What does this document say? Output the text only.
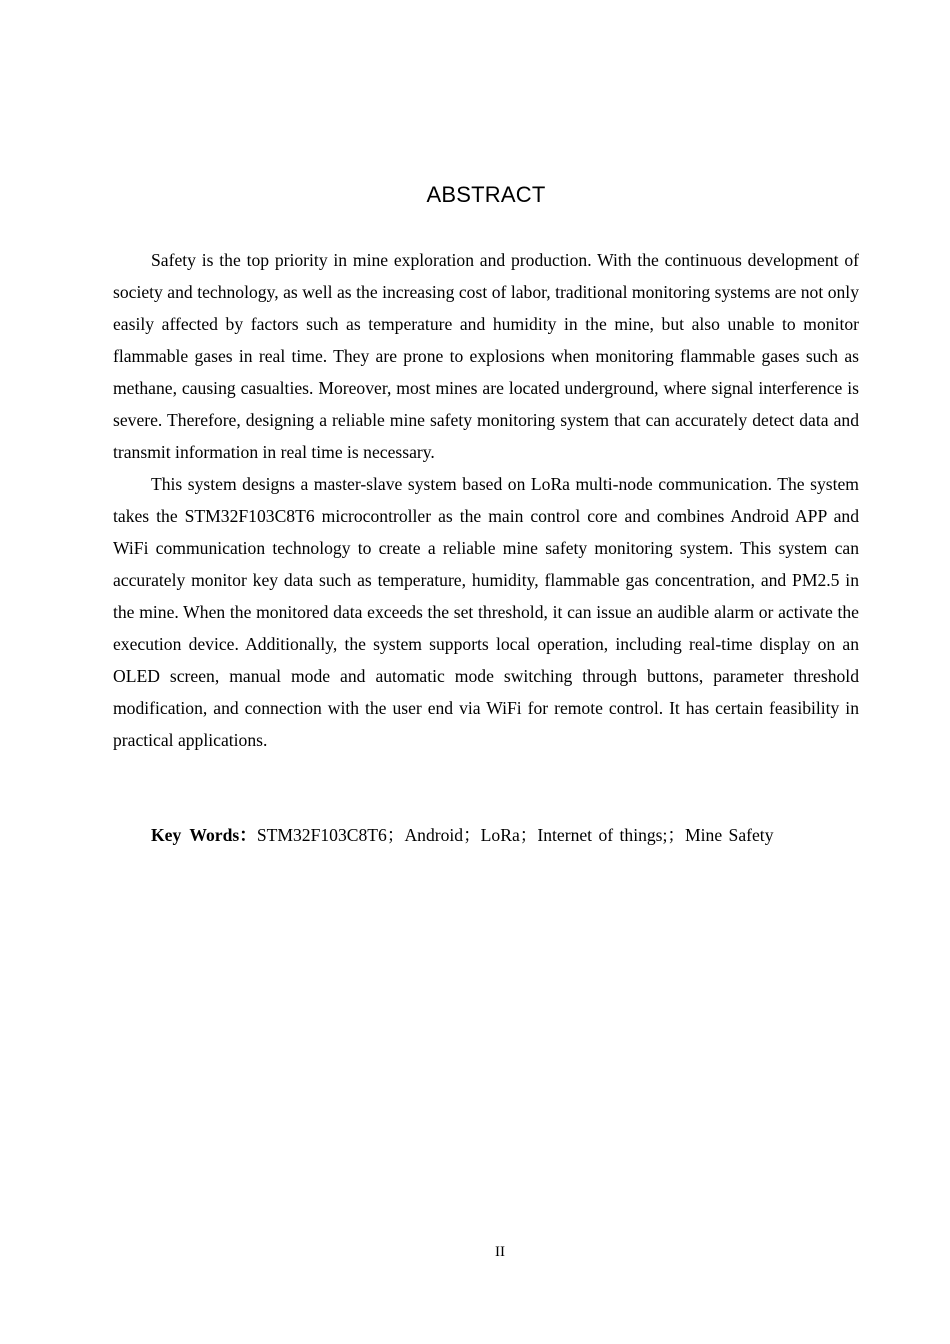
ABSTRACT

Safety is the top priority in mine exploration and production. With the continuous development of society and technology, as well as the increasing cost of labor, traditional monitoring systems are not only easily affected by factors such as temperature and humidity in the mine, but also unable to monitor flammable gases in real time. They are prone to explosions when monitoring flammable gases such as methane, causing casualties. Moreover, most mines are located underground, where signal interference is severe. Therefore, designing a reliable mine safety monitoring system that can accurately detect data and transmit information in real time is necessary.

This system designs a master-slave system based on LoRa multi-node communication. The system takes the STM32F103C8T6 microcontroller as the main control core and combines Android APP and WiFi communication technology to create a reliable mine safety monitoring system. This system can accurately monitor key data such as temperature, humidity, flammable gas concentration, and PM2.5 in the mine. When the monitored data exceeds the set threshold, it can issue an audible alarm or activate the execution device. Additionally, the system supports local operation, including real-time display on an OLED screen, manual mode and automatic mode switching through buttons, parameter threshold modification, and connection with the user end via WiFi for remote control. It has certain feasibility in practical applications.

Key Words：STM32F103C8T6；Android；LoRa；Internet of things;；Mine Safety
II
